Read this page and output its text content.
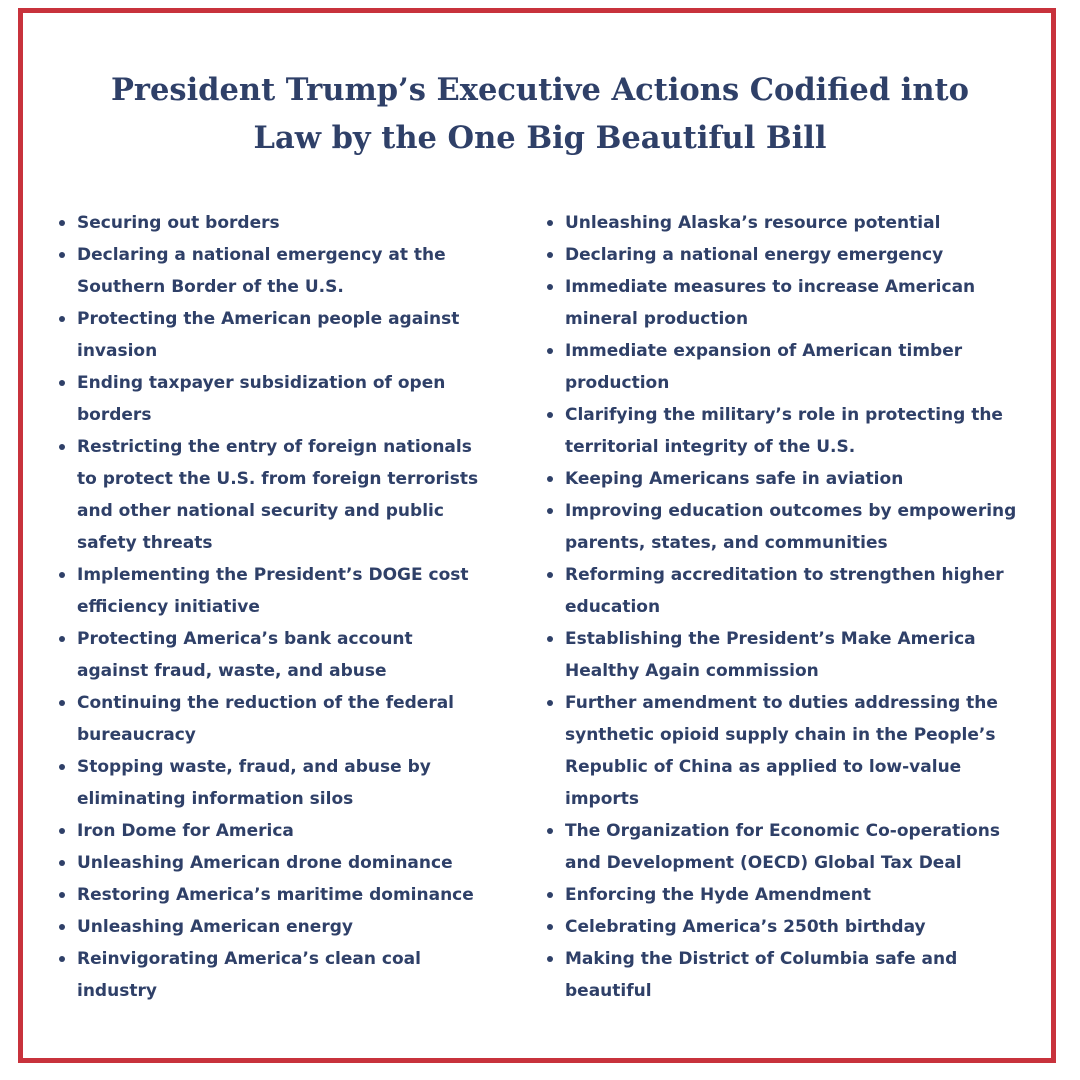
President Trump’s Executive Actions Codified into
Law by the One Big Beautiful Bill
Securing out borders
Declaring a national emergency at the
Southern Border of the U.S.
Protecting the American people against
invasion
Ending taxpayer subsidization of open
borders
Restricting the entry of foreign nationals
to protect the U.S. from foreign terrorists
and other national security and public
safety threats
Implementing the President’s DOGE cost
efficiency initiative
Protecting America’s bank account
against fraud, waste, and abuse
Continuing the reduction of the federal
bureaucracy
Stopping waste, fraud, and abuse by
eliminating information silos
Iron Dome for America
Unleashing American drone dominance
Restoring America’s maritime dominance
Unleashing American energy
Reinvigorating America’s clean coal
industry
Unleashing Alaska’s resource potential
Declaring a national energy emergency
Immediate measures to increase American
mineral production
Immediate expansion of American timber
production
Clarifying the military’s role in protecting the
territorial integrity of the U.S.
Keeping Americans safe in aviation
Improving education outcomes by empowering
parents, states, and communities
Reforming accreditation to strengthen higher
education
Establishing the President’s Make America
Healthy Again commission
Further amendment to duties addressing the
synthetic opioid supply chain in the People’s
Republic of China as applied to low-value
imports
The Organization for Economic Co-operations
and Development (OECD) Global Tax Deal
Enforcing the Hyde Amendment
Celebrating America’s 250th birthday
Making the District of Columbia safe and
beautiful
